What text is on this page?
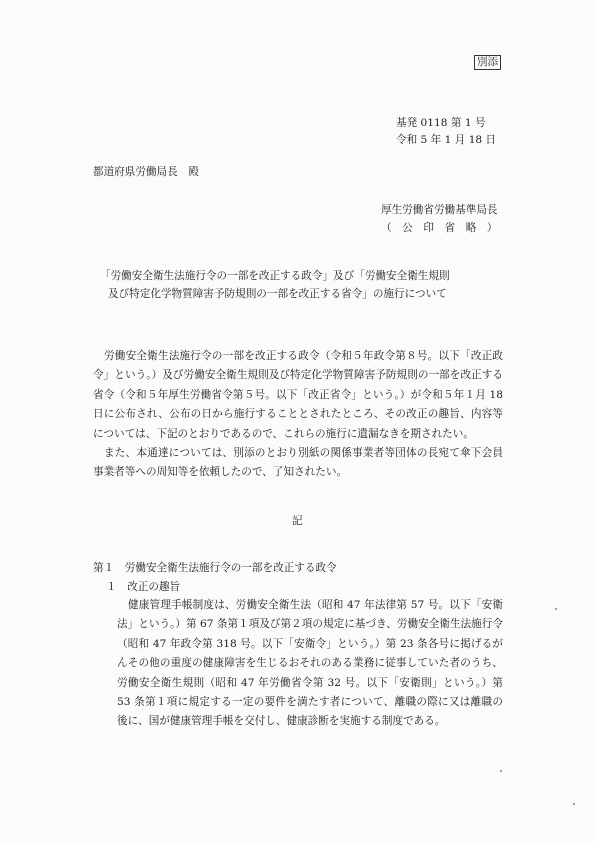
別添
基発 0118 第 1 号
令和 5 年 1 月 18 日
都道府県労働局長　殿
厚生労働省労働基準局長
（　公　印　省　略　）
「労働安全衛生法施行令の一部を改正する政令」及び「労働安全衛生規則
及び特定化学物質障害予防規則の一部を改正する省令」の施行について
労働安全衛生法施行令の一部を改正する政令（令和５年政令第８号。以下「改正政令」という。）及び労働安全衛生規則及び特定化学物質障害予防規則の一部を改正する省令（令和５年厚生労働省令第５号。以下「改正省令」という。）が令和５年１月 18 日に公布され、公布の日から施行することとされたところ、その改正の趣旨、内容等については、下記のとおりであるので、これらの施行に遺漏なきを期されたい。
また、本通達については、別添のとおり別紙の関係事業者等団体の長宛て傘下会員事業者等への周知等を依頼したので、了知されたい。
記
第１　労働安全衛生法施行令の一部を改正する政令
１　改正の趣旨
健康管理手帳制度は、労働安全衛生法（昭和 47 年法律第 57 号。以下「安衛法」という。）第 67 条第１項及び第２項の規定に基づき、労働安全衛生法施行令（昭和 47 年政令第 318 号。以下「安衛令」という。）第 23 条各号に掲げるがんその他の重度の健康障害を生じるおそれのある業務に従事していた者のうち、労働安全衛生規則（昭和 47 年労働省令第 32 号。以下「安衛則」という。）第 53 条第１項に規定する一定の要件を満たす者について、離職の際に又は離職の後に、国が健康管理手帳を交付し、健康診断を実施する制度である。
